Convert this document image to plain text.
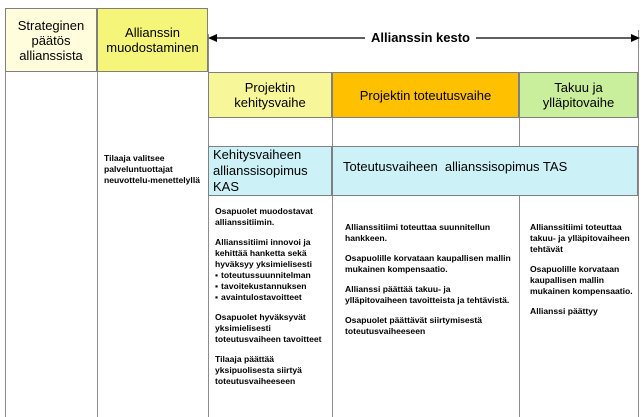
Strateginen päätös allianssista
Allianssin muodostaminen
Allianssin kesto
Projektin kehitysvaihe	Projektin toteutusvaihe	Takuu ja ylläpitovaihe
Kehitysvaiheen allianssisopimus KAS
Toteutusvaiheen  allianssisopimus TAS

Tilaaja valitsee palveluntuottajat neuvottelu-menettelyllä

Osapuolet muodostavat allianssitiimin.

Allianssitiimi innovoi ja kehittää hanketta sekä hyväksyy yksimielisesti

▪ toteutussuunnitelman
▪ tavoitekustannuksen
▪ avaintulostavoitteet

Osapuolet hyväksyvät yksimielisesti toteutusvaiheen tavoitteet

Tilaaja päättää yksipuolisesta siirtyä toteutusvaiheeseen

Allianssitiimi toteuttaa suunnitellun hankkeen.

Osapuolille korvataan kaupallisen mallin mukainen kompensaatio.

Allianssi päättää takuu- ja ylläpitovaiheen tavoitteista ja tehtävistä.

Osapuolet päättävät siirtymisestä toteutusvaiheeseen

Allianssitiimi toteuttaa takuu- ja ylläpitovaiheen tehtävät

Osapuolille korvataan kaupallisen mallin mukainen kompensaatio.

Allianssi päättyy
